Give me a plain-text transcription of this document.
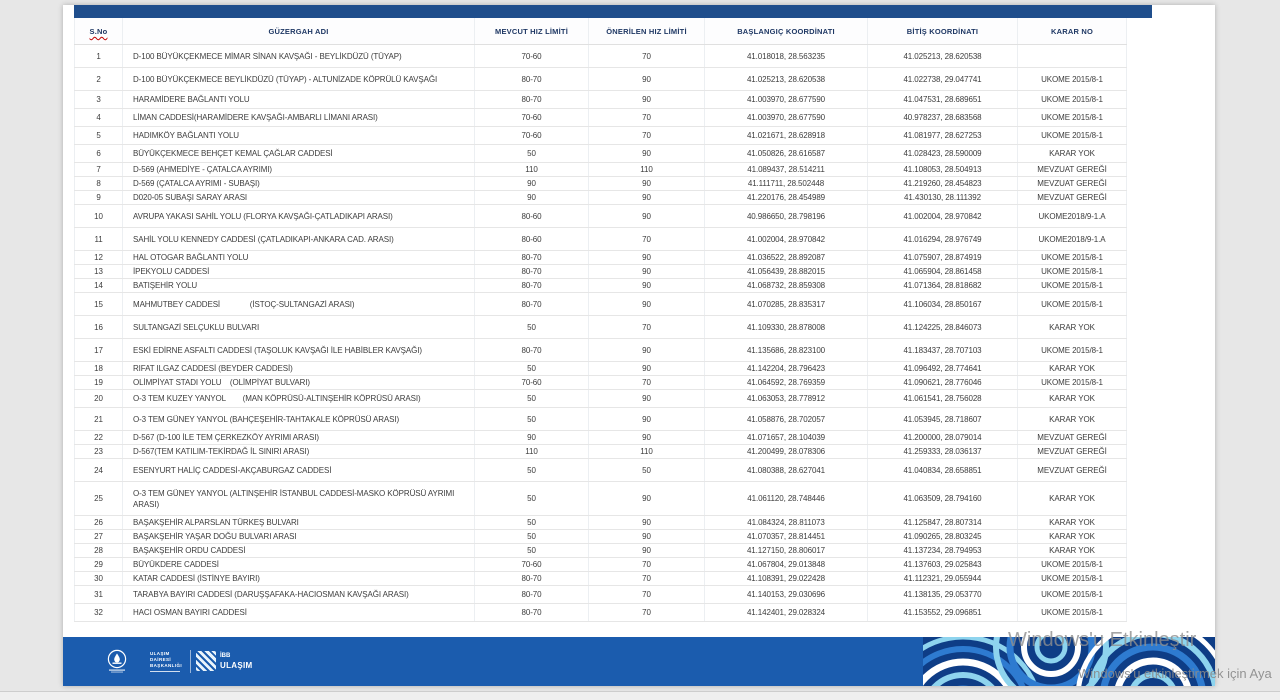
ULAŞIM
DAİRESİ
BAŞKANLIĞI
İBB
ULAŞIM
S.No	GÜZERGAH ADI	MEVCUT HIZ LİMİTİ	ÖNERİLEN HIZ LİMİTİ	BAŞLANGIÇ KOORDİNATI	BİTİŞ KOORDİNATI	KARAR NO
1	D-100 BÜYÜKÇEKMECE MİMAR SİNAN KAVŞAĞI - BEYLİKDÜZÜ (TÜYAP)	70-60	70	41.018018, 28.563235	41.025213, 28.620538	
2	D-100 BÜYÜKÇEKMECE BEYLİKDÜZÜ (TÜYAP) - ALTUNİZADE KÖPRÜLÜ KAVŞAĞI	80-70	90	41.025213, 28.620538	41.022738, 29.047741	UKOME 2015/8-1
3	HARAMİDERE BAĞLANTI YOLU	80-70	90	41.003970, 28.677590	41.047531, 28.689651	UKOME 2015/8-1
4	LİMAN CADDESİ(HARAMİDERE KAVŞAĞI-AMBARLI LİMANI ARASI)	70-60	70	41.003970, 28.677590	40.978237, 28.683568	UKOME 2015/8-1
5	HADIMKÖY BAĞLANTI YOLU	70-60	70	41.021671, 28.628918	41.081977, 28.627253	UKOME 2015/8-1
6	BÜYÜKÇEKMECE BEHÇET KEMAL ÇAĞLAR CADDESİ	50	90	41.050826, 28.616587	41.028423, 28.590009	KARAR YOK
7	D-569 (AHMEDİYE - ÇATALCA AYRIMI)	110	110	41.089437, 28.514211	41.108053, 28.504913	MEVZUAT GEREĞİ
8	D-569 (ÇATALCA AYRIMI - SUBAŞI)	90	90	41.111711, 28.502448	41.219260, 28.454823	MEVZUAT GEREĞİ
9	D020-05 SUBAŞI SARAY ARASI	90	90	41.220176, 28.454989	41.430130, 28.111392	MEVZUAT GEREĞİ
10	AVRUPA YAKASI SAHİL YOLU (FLORYA KAVŞAĞI-ÇATLADIKAPI ARASI)	80-60	90	40.986650, 28.798196	41.002004, 28.970842	UKOME2018/9-1.A
11	SAHİL YOLU KENNEDY CADDESİ (ÇATLADIKAPI-ANKARA CAD. ARASI)	80-60	70	41.002004, 28.970842	41.016294, 28.976749	UKOME2018/9-1.A
12	HAL OTOGAR BAĞLANTI YOLU	80-70	90	41.036522, 28.892087	41.075907, 28.874919	UKOME 2015/8-1
13	İPEKYOLU CADDESİ	80-70	90	41.056439, 28.882015	41.065904, 28.861458	UKOME 2015/8-1
14	BATIŞEHİR YOLU	80-70	90	41.068732, 28.859308	41.071364, 28.818682	UKOME 2015/8-1
15	MAHMUTBEY CADDESİ              (İSTOÇ-SULTANGAZİ ARASI)	80-70	90	41.070285, 28.835317	41.106034, 28.850167	UKOME 2015/8-1
16	SULTANGAZİ SELÇUKLU BULVARI	50	70	41.109330, 28.878008	41.124225, 28.846073	KARAR YOK
17	ESKİ EDİRNE ASFALTI CADDESİ (TAŞOLUK KAVŞAĞI İLE HABİBLER KAVŞAĞI)	80-70	90	41.135686, 28.823100	41.183437, 28.707103	UKOME 2015/8-1
18	RIFAT ILGAZ CADDESİ (BEYDER CADDESİ)	50	90	41.142204, 28.796423	41.096492, 28.774641	KARAR YOK
19	OLİMPİYAT STADI YOLU    (OLİMPİYAT BULVARI)	70-60	70	41.064592, 28.769359	41.090621, 28.776046	UKOME 2015/8-1
20	O-3 TEM KUZEY YANYOL        (MAN KÖPRÜSÜ-ALTINŞEHİR KÖPRÜSÜ ARASI)	50	90	41.063053, 28.778912	41.061541, 28.756028	KARAR YOK
21	O-3 TEM GÜNEY YANYOL (BAHÇEŞEHİR-TAHTAKALE KÖPRÜSÜ ARASI)	50	90	41.058876, 28.702057	41.053945, 28.718607	KARAR YOK
22	D-567 (D-100 İLE TEM ÇERKEZKÖY AYRIMI ARASI)	90	90	41.071657, 28.104039	41.200000, 28.079014	MEVZUAT GEREĞİ
23	D-567(TEM KATILIM-TEKİRDAĞ İL SINIRI ARASI)	110	110	41.200499, 28.078306	41.259333, 28.036137	MEVZUAT GEREĞİ
24	ESENYURT HALİÇ CADDESİ-AKÇABURGAZ CADDESİ	50	50	41.080388, 28.627041	41.040834, 28.658851	MEVZUAT GEREĞİ
25	O-3 TEM GÜNEY YANYOL (ALTINŞEHİR İSTANBUL CADDESİ-MASKO KÖPRÜSÜ AYRIMI ARASI)	50	90	41.061120, 28.748446	41.063509, 28.794160	KARAR YOK
26	BAŞAKŞEHİR ALPARSLAN TÜRKEŞ BULVARI	50	90	41.084324, 28.811073	41.125847, 28.807314	KARAR YOK
27	BAŞAKŞEHİR YAŞAR DOĞU BULVARI ARASI	50	90	41.070357, 28.814451	41.090265, 28.803245	KARAR YOK
28	BAŞAKŞEHİR ORDU CADDESİ	50	90	41.127150, 28.806017	41.137234, 28.794953	KARAR YOK
29	BÜYÜKDERE CADDESİ	70-60	70	41.067804, 29.013848	41.137603, 29.025843	UKOME 2015/8-1
30	KATAR CADDESİ (İSTİNYE BAYIRI)	80-70	70	41.108391, 29.022428	41.112321, 29.055944	UKOME 2015/8-1
31	TARABYA BAYIRI CADDESİ (DARUŞŞAFAKA-HACIOSMAN KAVŞAĞI ARASI)	80-70	70	41.140153, 29.030696	41.138135, 29.053770	UKOME 2015/8-1
32	HACI OSMAN BAYIRI CADDESİ	80-70	70	41.142401, 29.028324	41.153552, 29.096851	UKOME 2015/8-1
Windows'u Etkinleştir
Windows'u etkinleştirmek için Aya
